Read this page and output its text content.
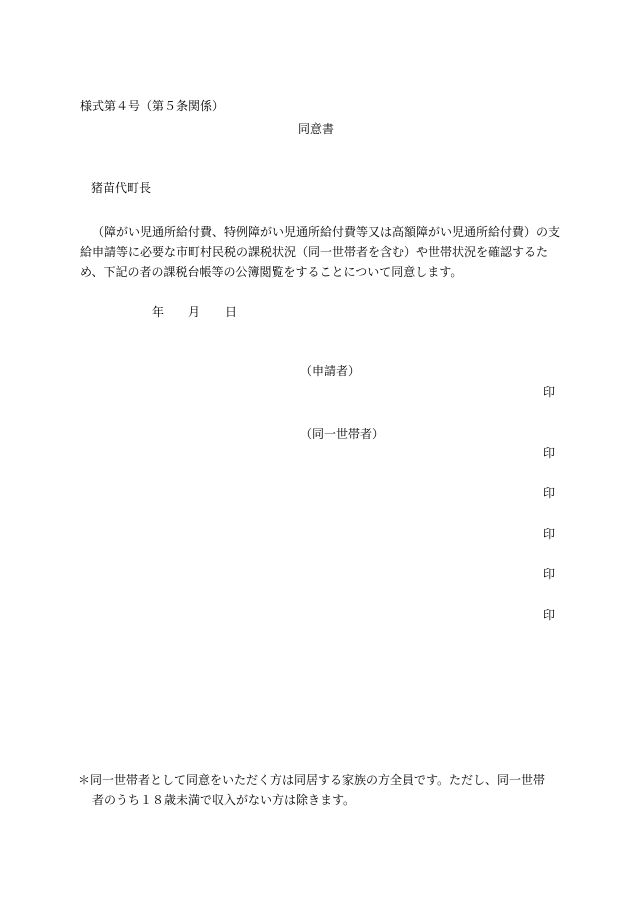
様式第４号（第５条関係）
同意書
猪苗代町長
（障がい児通所給付費、特例障がい児通所給付費等又は高額障がい児通所給付費）の支
給申請等に必要な市町村民税の課税状況（同一世帯者を含む）や世帯状況を確認するた
め、下記の者の課税台帳等の公簿閲覧をすることについて同意します。
年 月 日
（申請者）
印
（同一世帯者）
印
印
印
印
印
＊同一世帯者として同意をいただく方は同居する家族の方全員です。ただし、同一世帯
者のうち１８歳未満で収入がない方は除きます。
